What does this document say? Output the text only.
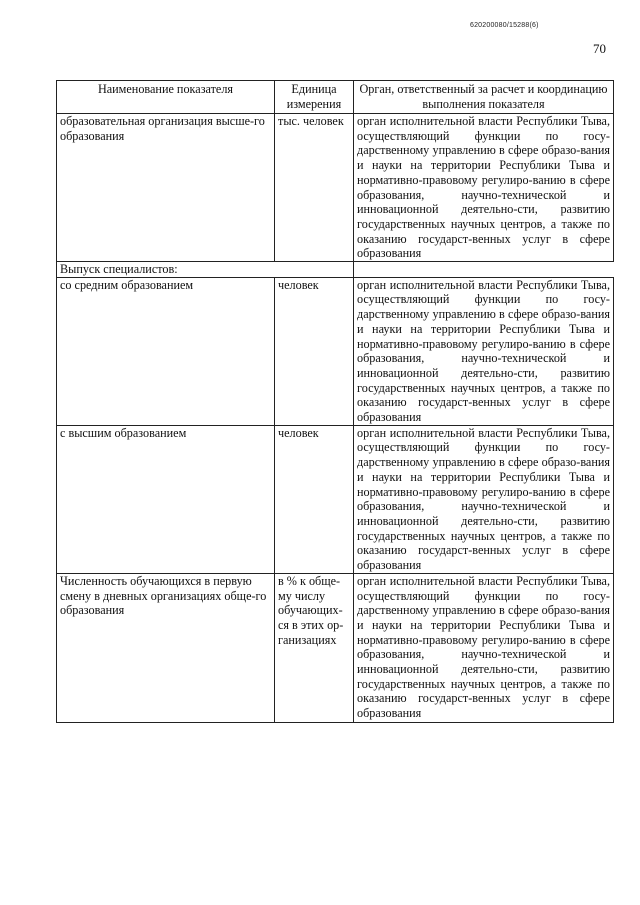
620200080/15288(6)
70
Наименование показателя	Единица измерения	Орган, ответственный за расчет и координацию выполнения показателя
образовательная организация высше-го образования	тыс. человек	орган исполнительной власти Республики Тыва, осуществляющий функции по госу-дарственному управлению в сфере образо-вания и науки на территории Республики Тыва и нормативно-правовому регулиро-ванию в сфере образования, научно-технической и инновационной деятельно-сти, развитию государственных научных центров, а также по оказанию государст-венных услуг в сфере образования
Выпуск специалистов:		
со средним образованием	человек	орган исполнительной власти Республики Тыва, осуществляющий функции по госу-дарственному управлению в сфере образо-вания и науки на территории Республики Тыва и нормативно-правовому регулиро-ванию в сфере образования, научно-технической и инновационной деятельно-сти, развитию государственных научных центров, а также по оказанию государст-венных услуг в сфере образования
с высшим образованием	человек	орган исполнительной власти Республики Тыва, осуществляющий функции по госу-дарственному управлению в сфере образо-вания и науки на территории Республики Тыва и нормативно-правовому регулиро-ванию в сфере образования, научно-технической и инновационной деятельно-сти, развитию государственных научных центров, а также по оказанию государст-венных услуг в сфере образования
Численность обучающихся в первую смену в дневных организациях обще-го образования	в % к обще-му числу обучающих-ся в этих ор-ганизациях	орган исполнительной власти Республики Тыва, осуществляющий функции по госу-дарственному управлению в сфере образо-вания и науки на территории Республики Тыва и нормативно-правовому регулиро-ванию в сфере образования, научно-технической и инновационной деятельно-сти, развитию государственных научных центров, а также по оказанию государст-венных услуг в сфере образования
